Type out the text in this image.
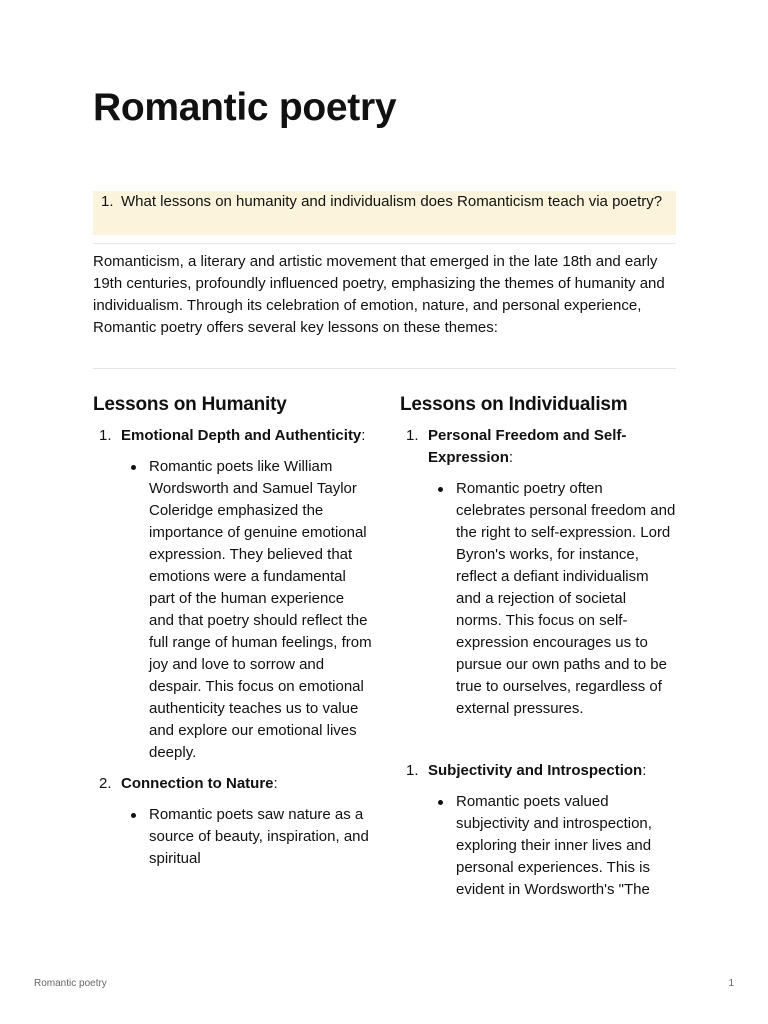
Romantic poetry
1. What lessons on humanity and individualism does Romanticism teach via poetry?

Romanticism, a literary and artistic movement that emerged in the late 18th and early 19th centuries, profoundly influenced poetry, emphasizing the themes of humanity and individualism. Through its celebration of emotion, nature, and personal experience, Romantic poetry offers several key lessons on these themes:

Lessons on Humanity
1. Emotional Depth and Authenticity:
Romantic poets like William Wordsworth and Samuel Taylor Coleridge emphasized the importance of genuine emotional expression. They believed that emotions were a fundamental part of the human experience and that poetry should reflect the full range of human feelings, from joy and love to sorrow and despair. This focus on emotional authenticity teaches us to value and explore our emotional lives deeply.
2. Connection to Nature:
Romantic poets saw nature as a source of beauty, inspiration, and spiritual
Lessons on Individualism
1. Personal Freedom and Self-Expression:
Romantic poetry often celebrates personal freedom and the right to self-expression. Lord Byron's works, for instance, reflect a defiant individualism and a rejection of societal norms. This focus on self-expression encourages us to pursue our own paths and to be true to ourselves, regardless of external pressures.
1. Subjectivity and Introspection:
Romantic poets valued subjectivity and introspection, exploring their inner lives and personal experiences. This is evident in Wordsworth's "The
Romantic poetry	1
